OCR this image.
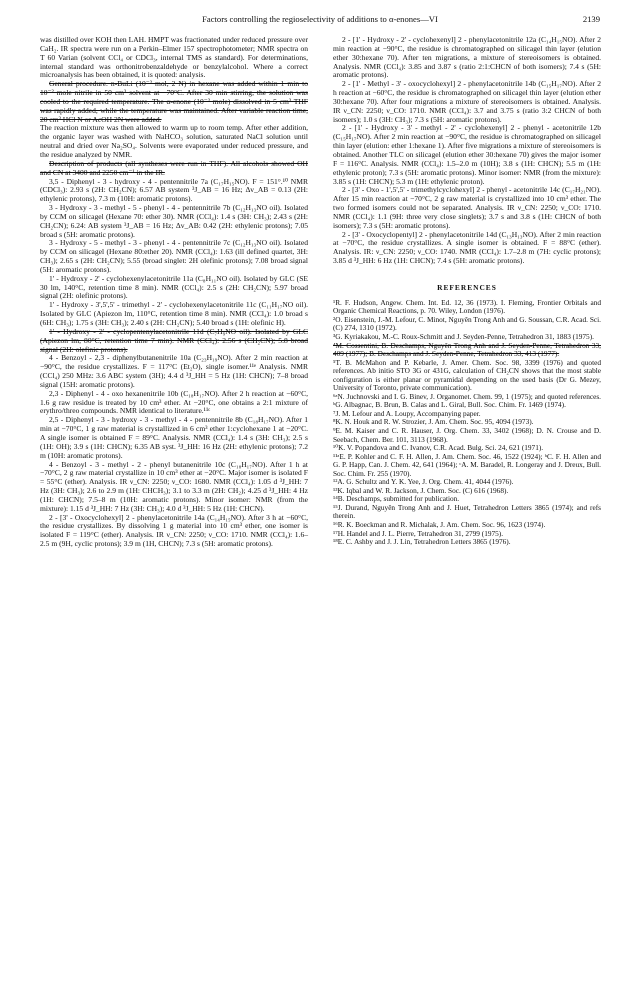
Factors controlling the regioselectivity of additions to α-enones—VI	2139

was distilled over KOH then LAH. HMPT was fractionated under reduced pressure over CaH₂. IR spectra were run on a Perkin–Elmer 157 spectrophotometer; NMR spectra on T 60 Varian (solvent CCl₄ or CDCl₃, internal TMS as standard). For determinations, internal standard was orthonitrobenzaldehyde or benzylalcohol. Where a correct microanalysis has been obtained, it is quoted: analysis.

General procedure. n-BuLi (10⁻² mol, 2 N) in hexane was added within 1 min to 10⁻² mole nitrile in 50 cm³ solvent at −70°C. After 30 min stirring, the solution was cooled to the required temperature. The α-enone (10⁻² mole) dissolved in 5 cm³ THF was rapidly added, while the temperature was maintained. After variable reaction time, 20 cm³ HCl N or AcOH 2N were added.

The reaction mixture was then allowed to warm up to room temp. After ether addition, the organic layer was washed with NaHCO₃ solution, saturated NaCl solution until neutral and dried over Na₂SO₄. Solvents were evaporated under reduced pressure, and the residue analyzed by NMR.

Description of products (all syntheses were run in THF). All alcohols showed OH and CN at 3400 and 2250 cm⁻¹ in the IR.

3,5 - Diphenyl - 3 - hydroxy - 4 - pentennitrile 7a (C₁₇H₁₅NO). F = 151°.¹⁰ NMR (CDCl₃): 2.93 s (2H: CH₂CN); 6.57 AB system ³J_AB = 16 Hz; Δv_AB = 0.13 (2H: ethylenic protons), 7.3 m (10H: aromatic protons).

3 - Hydroxy - 3 - methyl - 5 - phenyl - 4 - pentennitrile 7b (C₁₂H₁₃NO oil). Isolated by CCM on silicagel (Hexane 70: ether 30). NMR (CCl₄): 1.4 s (3H: CH₃); 2.43 s (2H: CH₂CN); 6.24: AB system ³J_AB = 16 Hz; Δv_AB: 0.42 (2H: ethylenic protons); 7.05 broad s (5H: aromatic protons).

3 - Hydroxy - 5 - methyl - 3 - phenyl - 4 - pentennitrile 7c (C₁₂H₁₃NO oil). Isolated by CCM on silicagel (Hexane 80:ether 20). NMR (CCl₄): 1.63 (ill defined quartet, 3H: CH₃); 2.65 s (2H: CH₂CN); 5.55 (broad singlet: 2H olefinic protons); 7.08 broad signal (5H: aromatic protons).

1' - Hydroxy - 2' - cyclohexenylacetonitrile 11a (C₈H₁₁NO oil). Isolated by GLC (SE 30 lm, 140°C, retention time 8 min). NMR (CCl₄): 2.5 s (2H: CH₂CN); 5.97 broad signal (2H: olefinic protons).

1' - Hydroxy - 3',5',5' - trimethyl - 2' - cyclohexenylacetonitrile 11c (C₁₁H₁₇NO oil). Isolated by GLC (Apiezon lm, 110°C, retention time 8 min). NMR (CCl₄): 1.0 broad s (6H: CH₃); 1.75 s (3H: CH₃); 2.40 s (2H: CH₂CN); 5.40 broad s (1H: olefinic H).

1' - Hydroxy - 2' - cyclopentenylacetonitrile 11d (C₇H₉NO oil). Isolated by GLC (Apiezon lm, 80°C, retention time 7 min). NMR (CCl₄): 2.56 s (CH₂CN); 5.8 broad signal (2H: olefinic protons).

4 - Benzoyl - 2,3 - diphenylbutanenitrile 10a (C₂₃H₁₉NO). After 2 min reaction at −90°C, the residue crystallizes. F = 117°C (Et₂O), single isomer.¹¹ᵉ Analysis. NMR (CCl₄) 250 MHz: 3.6 ABC system (3H); 4.4 d ³J_HH = 5 Hz (1H: CHCN); 7–8 broad signal (15H: aromatic protons).

2,3 - Diphenyl - 4 - oxo hexanenitrile 10b (C₁₈H₁₇NO). After 2 h reaction at −60°C, 1.6 g raw residue is treated by 10 cm³ ether. At −20°C, one obtains a 2:1 mixture of erythro/threo compounds. NMR identical to literature.¹¹ᶜ

2,5 - Diphenyl - 3 - hydroxy - 3 - methyl - 4 - pentennitrile 8b (C₁₈H₁₇NO). After 1 min at −70°C, 1 g raw material is crystallized in 6 cm³ ether 1:cyclohexane 1 at −20°C. A single isomer is obtained F = 89°C. Analysis. NMR (CCl₄): 1.4 s (3H: CH₃); 2.5 s (1H: OH); 3.9 s (1H: CHCN); 6.35 AB syst. ³J_HH: 16 Hz (2H: ethylenic protons); 7.2 m (10H: aromatic protons).

4 - Benzoyl - 3 - methyl - 2 - phenyl butanenitrile 10c (C₁₈H₁₇NO). After 1 h at −70°C, 2 g raw material crystallize in 10 cm³ ether at −20°C. Major isomer is isolated F = 55°C (ether). Analysis. IR ν_CN: 2250; ν_CO: 1680. NMR (CCl₄): 1.05 d ³J_HH: 7 Hz (3H: CH₃); 2.6 to 2.9 m (1H: CHCH₃); 3.1 to 3.3 m (2H: CH₂); 4.25 d ³J_HH: 4 Hz (1H: CHCN); 7.5–8 m (10H: aromatic protons). Minor isomer: NMR (from the mixture): 1.15 d ³J_HH: 7 Hz (3H: CH₃); 4.0 d ³J_HH: 5 Hz (1H: CHCN).

2 - [3' - Oxocyclohexyl] 2 - phenylacetonitrile 14a (C₁₄H₁₅NO). After 3 h at −60°C, the residue crystallizes. By dissolving 1 g material into 10 cm³ ether, one isomer is isolated F = 119°C (ether). Analysis. IR ν_CN: 2250; ν_CO: 1710. NMR (CCl₄): 1.6–2.5 m (9H, cyclic protons); 3.9 m (1H, CHCN); 7.3 s (5H: aromatic protons).

2 - [1' - Hydroxy - 2' - cyclohexenyl] 2 - phenylacetonitrile 12a (C₁₄H₁₅NO). After 2 min reaction at −90°C, the residue is chromatographed on silicagel thin layer (elution ether 30:hexane 70). After ten migrations, a mixture of stereoisomers is obtained. Analysis. NMR (CCl₄): 3.85 and 3.87 s (ratio 2:1:CHCN of both isomers); 7.4 s (5H: aromatic protons).

2 - [1' - Methyl - 3' - oxocyclohexyl] 2 - phenylacetonitrile 14b (C₁₅H₁₇NO). After 2 h reaction at −60°C, the residue is chromatographed on silicagel thin layer (elution ether 30:hexane 70). After four migrations a mixture of stereoisomers is obtained. Analysis. IR ν_CN: 2250; ν_CO: 1710. NMR (CCl₄): 3.7 and 3.75 s (ratio 3:2 CHCN of both isomers); 1.0 s (3H: CH₃); 7.3 s (5H: aromatic protons).

2 - [1' - Hydroxy - 3' - methyl - 2' - cyclohexenyl] 2 - phenyl - acetonitrile 12b (C₁₅H₁₇NO). After 2 min reaction at −90°C, the residue is chromatographed on silicagel thin layer (elution: ether 1:hexane 1). After five migrations a mixture of stereoisomers is obtained. Another TLC on silicagel (elution ether 30:hexane 70) gives the major isomer F = 116°C. Analysis. NMR (CCl₄): 1.5–2.0 m (10H); 3.8 s (1H: CHCN); 5.5 m (1H: ethylenic proton); 7.3 s (5H: aromatic protons). Minor isomer: NMR (from the mixture): 3.85 s (1H: CHCN); 5.3 m (1H: ethylenic proton).

2 - [3' - Oxo - 1',5',5' - trimethylcyclohexyl] 2 - phenyl - acetonitrile 14c (C₁₇H₂₁NO). After 15 min reaction at −70°C, 2 g raw material is crystallized into 10 cm³ ether. The two formed isomers could not be separated. Analysis. IR ν_CN: 2250; ν_CO: 1710. NMR (CCl₄): 1.1 (9H: three very close singlets); 3.7 s and 3.8 s (1H: CHCN of both isomers); 7.3 s (5H: aromatic protons).

2 - [3' - Oxocyclopentyl] 2 - phenylacetonitrile 14d (C₁₃H₁₃NO). After 2 min reaction at −70°C, the residue crystallizes. A single isomer is obtained. F = 88°C (ether). Analysis. IR: ν_CN: 2250; ν_CO: 1740. NMR (CCl₄): 1.7–2.8 m (7H: cyclic protons); 3.85 d ³J_HH: 6 Hz (1H: CHCN); 7.4 s (5H: aromatic protons).

REFERENCES

¹R. F. Hudson, Angew. Chem. Int. Ed. 12, 36 (1973). I. Fleming, Frontier Orbitals and Organic Chemical Reactions, p. 70. Wiley, London (1976).

²O. Eisenstein, J.-M. Lefour, C. Minot, Nguyên Trong Anh and G. Soussan, C.R. Acad. Sci. (C) 274, 1310 (1972).

³G. Kyriakakou, M.-C. Roux-Schmitt and J. Seyden-Penne, Tetrahedron 31, 1883 (1975).

⁴M. Cossentini, B. Deschamps, Nguyên Trong Anh and J. Seyden-Penne, Tetrahedron 33, 409 (1977); B. Deschamps and J. Seyden-Penne, Tetrahedron 33, 413 (1977).

⁵T. B. McMahon and P. Kebarle, J. Amer. Chem. Soc. 98, 3399 (1976) and quoted references. Ab initio STO 3G or 431G, calculation of CH₂CN shows that the most stable configuration is either planar or pyramidal depending on the used basis (Dr G. Mezey, University of Toronto, private communication).

⁶ᵃN. Juchnovski and I. G. Binev, J. Organomet. Chem. 99, 1 (1975); and quoted references. ᵇG. Albagnac, B. Brun, B. Calas and L. Giral, Bull. Soc. Chim. Fr. 1469 (1974).

⁷J. M. Lefour and A. Loupy, Accompanying paper.

⁸K. N. Houk and R. W. Strozier, J. Am. Chem. Soc. 95, 4094 (1973).

⁹E. M. Kaiser and C. R. Hauser, J. Org. Chem. 33, 3402 (1968); D. N. Crouse and D. Seebach, Chem. Ber. 101, 3113 (1968).

¹⁰K. V. Popandova and C. Ivanov, C.R. Acad. Bulg. Sci. 24, 621 (1971).

¹¹ᵃE. P. Kohler and C. F. H. Allen, J. Am. Chem. Soc. 46, 1522 (1924); ᵇC. F. H. Allen and G. P. Happ, Can. J. Chem. 42, 641 (1964); ᶜA. M. Baradel, R. Longeray and J. Dreux, Bull. Soc. Chim. Fr. 255 (1970).

¹²A. G. Schultz and Y. K. Yee, J. Org. Chem. 41, 4044 (1976).

¹³K. Iqbal and W. R. Jackson, J. Chem. Soc. (C) 616 (1968).

¹⁴B. Deschamps, submitted for publication.

¹⁵J. Durand, Nguyên Trong Anh and J. Huet, Tetrahedron Letters 3865 (1974); and refs therein.

¹⁶R. K. Boeckman and R. Michalak, J. Am. Chem. Soc. 96, 1623 (1974).

¹⁷H. Handel and J. L. Pierre, Tetrahedron 31, 2799 (1975).

¹⁸E. C. Ashby and J. J. Lin, Tetrahedron Letters 3865 (1976).
